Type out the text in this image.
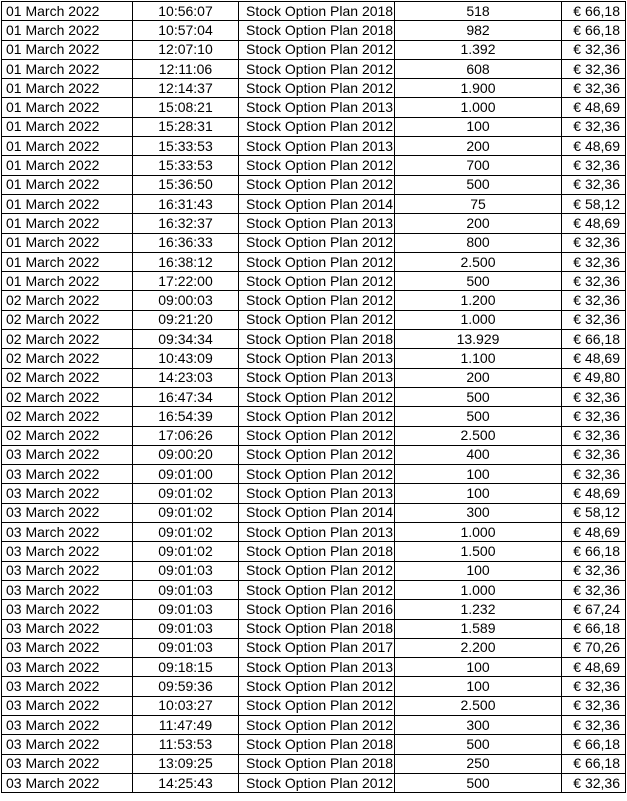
01 March 2022	10:56:07	Stock Option Plan 2018	518	€ 66,18
01 March 2022	10:57:04	Stock Option Plan 2018	982	€ 66,18
01 March 2022	12:07:10	Stock Option Plan 2012	1.392	€ 32,36
01 March 2022	12:11:06	Stock Option Plan 2012	608	€ 32,36
01 March 2022	12:14:37	Stock Option Plan 2012	1.900	€ 32,36
01 March 2022	15:08:21	Stock Option Plan 2013	1.000	€ 48,69
01 March 2022	15:28:31	Stock Option Plan 2012	100	€ 32,36
01 March 2022	15:33:53	Stock Option Plan 2013	200	€ 48,69
01 March 2022	15:33:53	Stock Option Plan 2012	700	€ 32,36
01 March 2022	15:36:50	Stock Option Plan 2012	500	€ 32,36
01 March 2022	16:31:43	Stock Option Plan 2014	75	€ 58,12
01 March 2022	16:32:37	Stock Option Plan 2013	200	€ 48,69
01 March 2022	16:36:33	Stock Option Plan 2012	800	€ 32,36
01 March 2022	16:38:12	Stock Option Plan 2012	2.500	€ 32,36
01 March 2022	17:22:00	Stock Option Plan 2012	500	€ 32,36
02 March 2022	09:00:03	Stock Option Plan 2012	1.200	€ 32,36
02 March 2022	09:21:20	Stock Option Plan 2012	1.000	€ 32,36
02 March 2022	09:34:34	Stock Option Plan 2018	13.929	€ 66,18
02 March 2022	10:43:09	Stock Option Plan 2013	1.100	€ 48,69
02 March 2022	14:23:03	Stock Option Plan 2013	200	€ 49,80
02 March 2022	16:47:34	Stock Option Plan 2012	500	€ 32,36
02 March 2022	16:54:39	Stock Option Plan 2012	500	€ 32,36
02 March 2022	17:06:26	Stock Option Plan 2012	2.500	€ 32,36
03 March 2022	09:00:20	Stock Option Plan 2012	400	€ 32,36
03 March 2022	09:01:00	Stock Option Plan 2012	100	€ 32,36
03 March 2022	09:01:02	Stock Option Plan 2013	100	€ 48,69
03 March 2022	09:01:02	Stock Option Plan 2014	300	€ 58,12
03 March 2022	09:01:02	Stock Option Plan 2013	1.000	€ 48,69
03 March 2022	09:01:02	Stock Option Plan 2018	1.500	€ 66,18
03 March 2022	09:01:03	Stock Option Plan 2012	100	€ 32,36
03 March 2022	09:01:03	Stock Option Plan 2012	1.000	€ 32,36
03 March 2022	09:01:03	Stock Option Plan 2016	1.232	€ 67,24
03 March 2022	09:01:03	Stock Option Plan 2018	1.589	€ 66,18
03 March 2022	09:01:03	Stock Option Plan 2017	2.200	€ 70,26
03 March 2022	09:18:15	Stock Option Plan 2013	100	€ 48,69
03 March 2022	09:59:36	Stock Option Plan 2012	100	€ 32,36
03 March 2022	10:03:27	Stock Option Plan 2012	2.500	€ 32,36
03 March 2022	11:47:49	Stock Option Plan 2012	300	€ 32,36
03 March 2022	11:53:53	Stock Option Plan 2018	500	€ 66,18
03 March 2022	13:09:25	Stock Option Plan 2018	250	€ 66,18
03 March 2022	14:25:43	Stock Option Plan 2012	500	€ 32,36
